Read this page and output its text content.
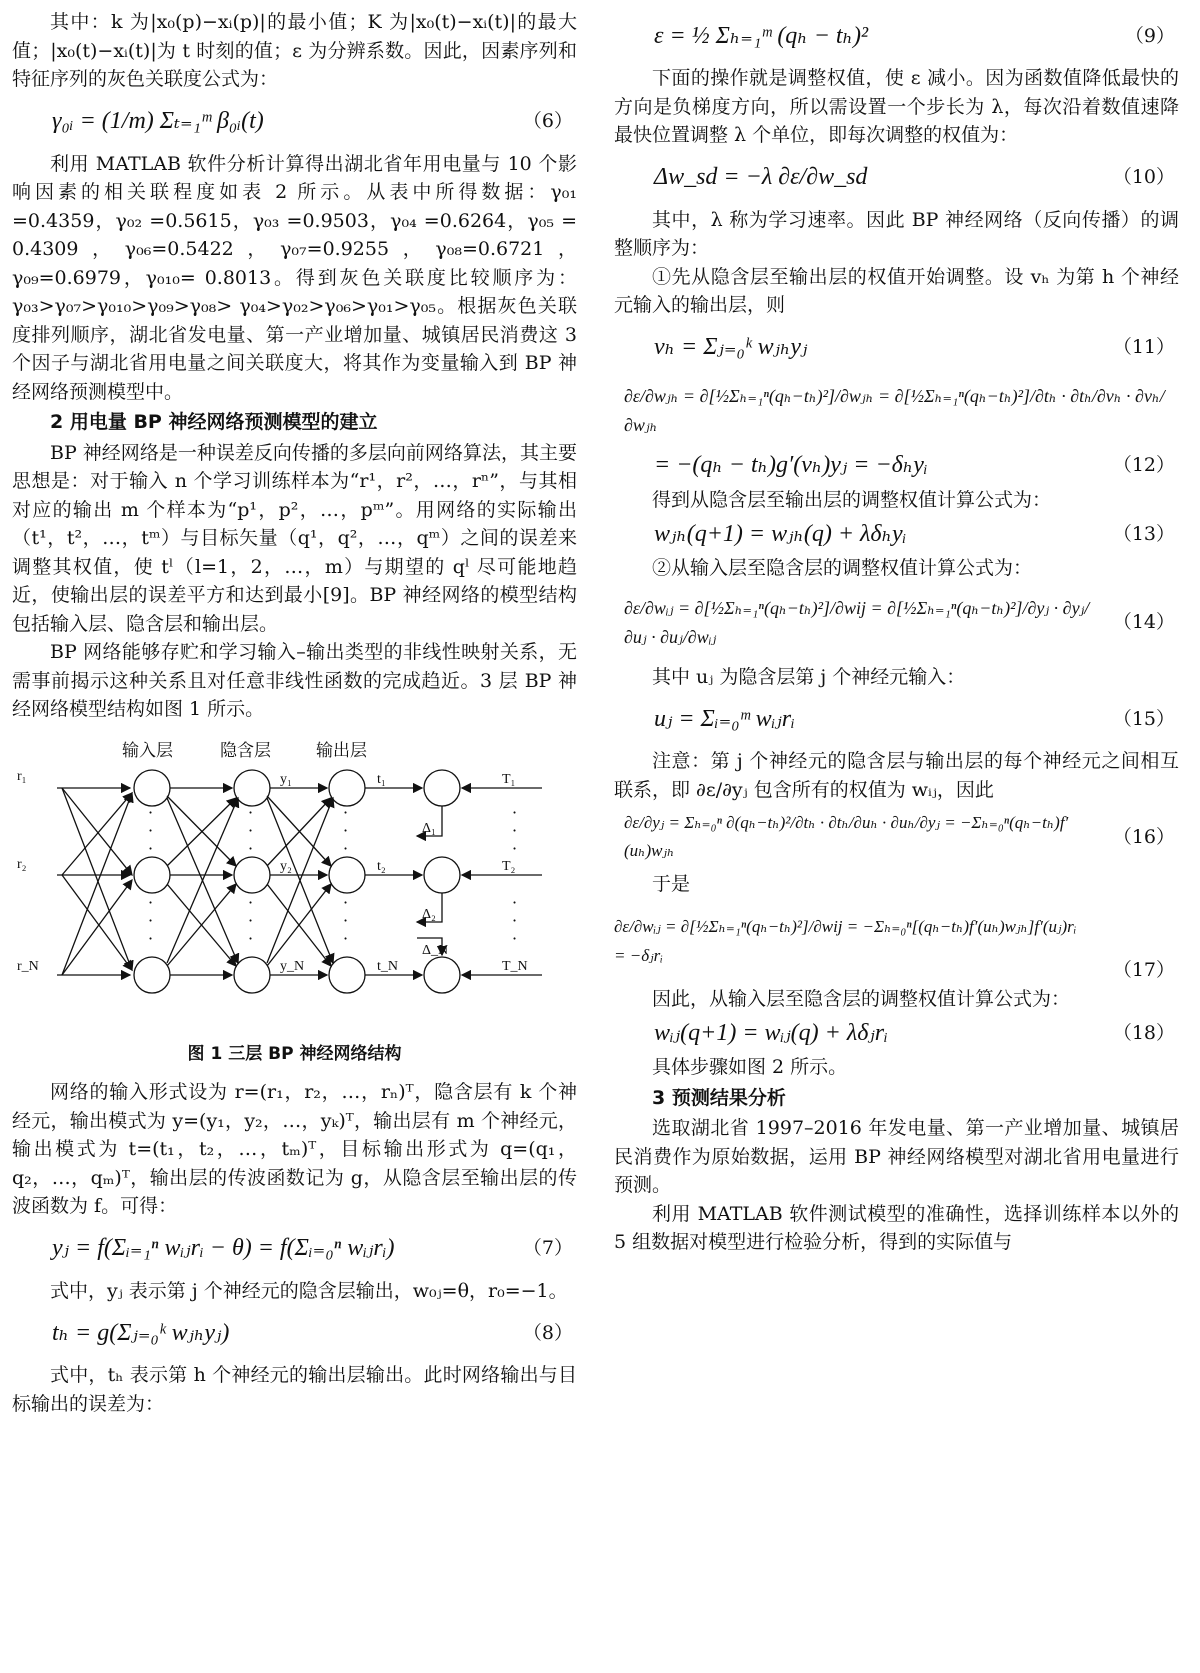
其中：k 为|x₀(p)−xᵢ(p)|的最小值；K 为|x₀(t)−xᵢ(t)|的最大值；|x₀(t)−xᵢ(t)|为 t 时刻的值；ε 为分辨系数。因此，因素序列和特征序列的灰色关联度公式为：

γ₀ᵢ = (1/m) Σₜ₌₁ᵐ β₀ᵢ(t)	（6）

利用 MATLAB 软件分析计算得出湖北省年用电量与 10 个影响因素的相关联程度如表 2 所示。从表中所得数据：γ₀₁ =0.4359，γ₀₂ =0.5615，γ₀₃ =0.9503，γ₀₄ =0.6264，γ₀₅ = 0.4309，γ₀₆=0.5422，γ₀₇=0.9255，γ₀₈=0.6721，γ₀₉=0.6979，γ₀₁₀= 0.8013。得到灰色关联度比较顺序为：γ₀₃>γ₀₇>γ₀₁₀>γ₀₉>γ₀₈> γ₀₄>γ₀₂>γ₀₆>γ₀₁>γ₀₅。根据灰色关联度排列顺序，湖北省发电量、第一产业增加量、城镇居民消费这 3 个因子与湖北省用电量之间关联度大，将其作为变量输入到 BP 神经网络预测模型中。

2 用电量 BP 神经网络预测模型的建立

BP 神经网络是一种误差反向传播的多层向前网络算法，其主要思想是：对于输入 n 个学习训练样本为“r¹，r²，…，rⁿ”，与其相对应的输出 m 个样本为“p¹，p²，…，pᵐ”。用网络的实际输出（t¹，t²，…，tᵐ）与目标矢量（q¹，q²，…，qᵐ）之间的误差来调整其权值，使 tˡ（l=1，2，…，m）与期望的 qˡ 尽可能地趋近，使输出层的误差平方和达到最小[9]。BP 神经网络的模型结构包括输入层、隐含层和输出层。

BP 网络能够存贮和学习输入–输出类型的非线性映射关系，无需事前揭示这种关系且对任意非线性函数的完成趋近。3 层 BP 神经网络模型结构如图 1 所示。

输入层	隐含层	输出层
r₁
r₂
r_N
y₁
y₂
y_N
t₁
t₂
t_N
T₁
T₂
T_N
Δ₁
Δ₂
Δ_N
·
·
·
·
·
·
·
·
·
·
·
·
·
·
·
·
·
·
·
·
·
·
·
·
图 1 三层 BP 神经网络结构

网络的输入形式设为 r=(r₁，r₂，…，rₙ)ᵀ，隐含层有 k 个神经元，输出模式为 y=(y₁，y₂，…，yₖ)ᵀ，输出层有 m 个神经元，输出模式为 t=(t₁，t₂，…，tₘ)ᵀ，目标输出形式为 q=(q₁，q₂，…，qₘ)ᵀ，输出层的传波函数记为 g，从隐含层至输出层的传波函数为 f。可得：

yⱼ = f(Σᵢ₌₁ⁿ wᵢⱼrᵢ − θ) = f(Σᵢ₌₀ⁿ wᵢⱼrᵢ)	（7）

式中，yⱼ 表示第 j 个神经元的隐含层输出，w₀ⱼ=θ，r₀=−1。

tₕ = g(Σⱼ₌₀ᵏ wⱼₕyⱼ)	（8）

式中，tₕ 表示第 h 个神经元的输出层输出。此时网络输出与目标输出的误差为：

ε = ½ Σₕ₌₁ᵐ (qₕ − tₕ)²	（9）

下面的操作就是调整权值，使 ε 减小。因为函数值降低最快的方向是负梯度方向，所以需设置一个步长为 λ，每次沿着数值速降最快位置调整 λ 个单位，即每次调整的权值为：

Δw_sd = −λ ∂ε/∂w_sd	（10）

其中，λ 称为学习速率。因此 BP 神经网络（反向传播）的调整顺序为：

①先从隐含层至输出层的权值开始调整。设 vₕ 为第 h 个神经元输入的输出层，则

vₕ = Σⱼ₌₀ᵏ wⱼₕyⱼ	（11）
∂ε/∂wⱼₕ = ∂[½Σₕ₌₁ⁿ(qₕ−tₕ)²]/∂wⱼₕ = ∂[½Σₕ₌₁ⁿ(qₕ−tₕ)²]/∂tₕ · ∂tₕ/∂vₕ · ∂vₕ/∂wⱼₕ
= −(qₕ − tₕ)g′(vₕ)yⱼ = −δₕyᵢ	（12）

得到从隐含层至输出层的调整权值计算公式为：

wⱼₕ(q+1) = wⱼₕ(q) + λδₕyᵢ	（13）

②从输入层至隐含层的调整权值计算公式为：

∂ε/∂wᵢⱼ = ∂[½Σₕ₌₁ⁿ(qₕ−tₕ)²]/∂wij = ∂[½Σₕ₌₁ⁿ(qₕ−tₕ)²]/∂yⱼ · ∂yⱼ/∂uⱼ · ∂uⱼ/∂wᵢⱼ
（14）

其中 uⱼ 为隐含层第 j 个神经元输入：

uⱼ = Σᵢ₌₀ᵐ wᵢⱼrᵢ	（15）

注意：第 j 个神经元的隐含层与输出层的每个神经元之间相互联系，即 ∂ε/∂yⱼ 包含所有的权值为 wᵢⱼ，因此

∂ε/∂yⱼ = Σₕ₌₀ⁿ ∂(qₕ−tₕ)²/∂tₕ · ∂tₕ/∂uₕ · ∂uₕ/∂yⱼ = −Σₕ₌₀ⁿ(qₕ−tₕ)f′(uₕ)wⱼₕ
（16）

于是

∂ε/∂wᵢⱼ = ∂[½Σₕ₌₁ⁿ(qₕ−tₕ)²]/∂wij = −Σₕ₌₀ⁿ[(qₕ−tₕ)f′(uₕ)wⱼₕ]f′(uⱼ)rᵢ = −δⱼrᵢ
（17）

因此，从输入层至隐含层的调整权值计算公式为：

wᵢⱼ(q+1) = wᵢⱼ(q) + λδⱼrᵢ	（18）

具体步骤如图 2 所示。

3 预测结果分析

选取湖北省 1997–2016 年发电量、第一产业增加量、城镇居民消费作为原始数据，运用 BP 神经网络模型对湖北省用电量进行预测。

利用 MATLAB 软件测试模型的准确性，选择训练样本以外的 5 组数据对模型进行检验分析，得到的实际值与
